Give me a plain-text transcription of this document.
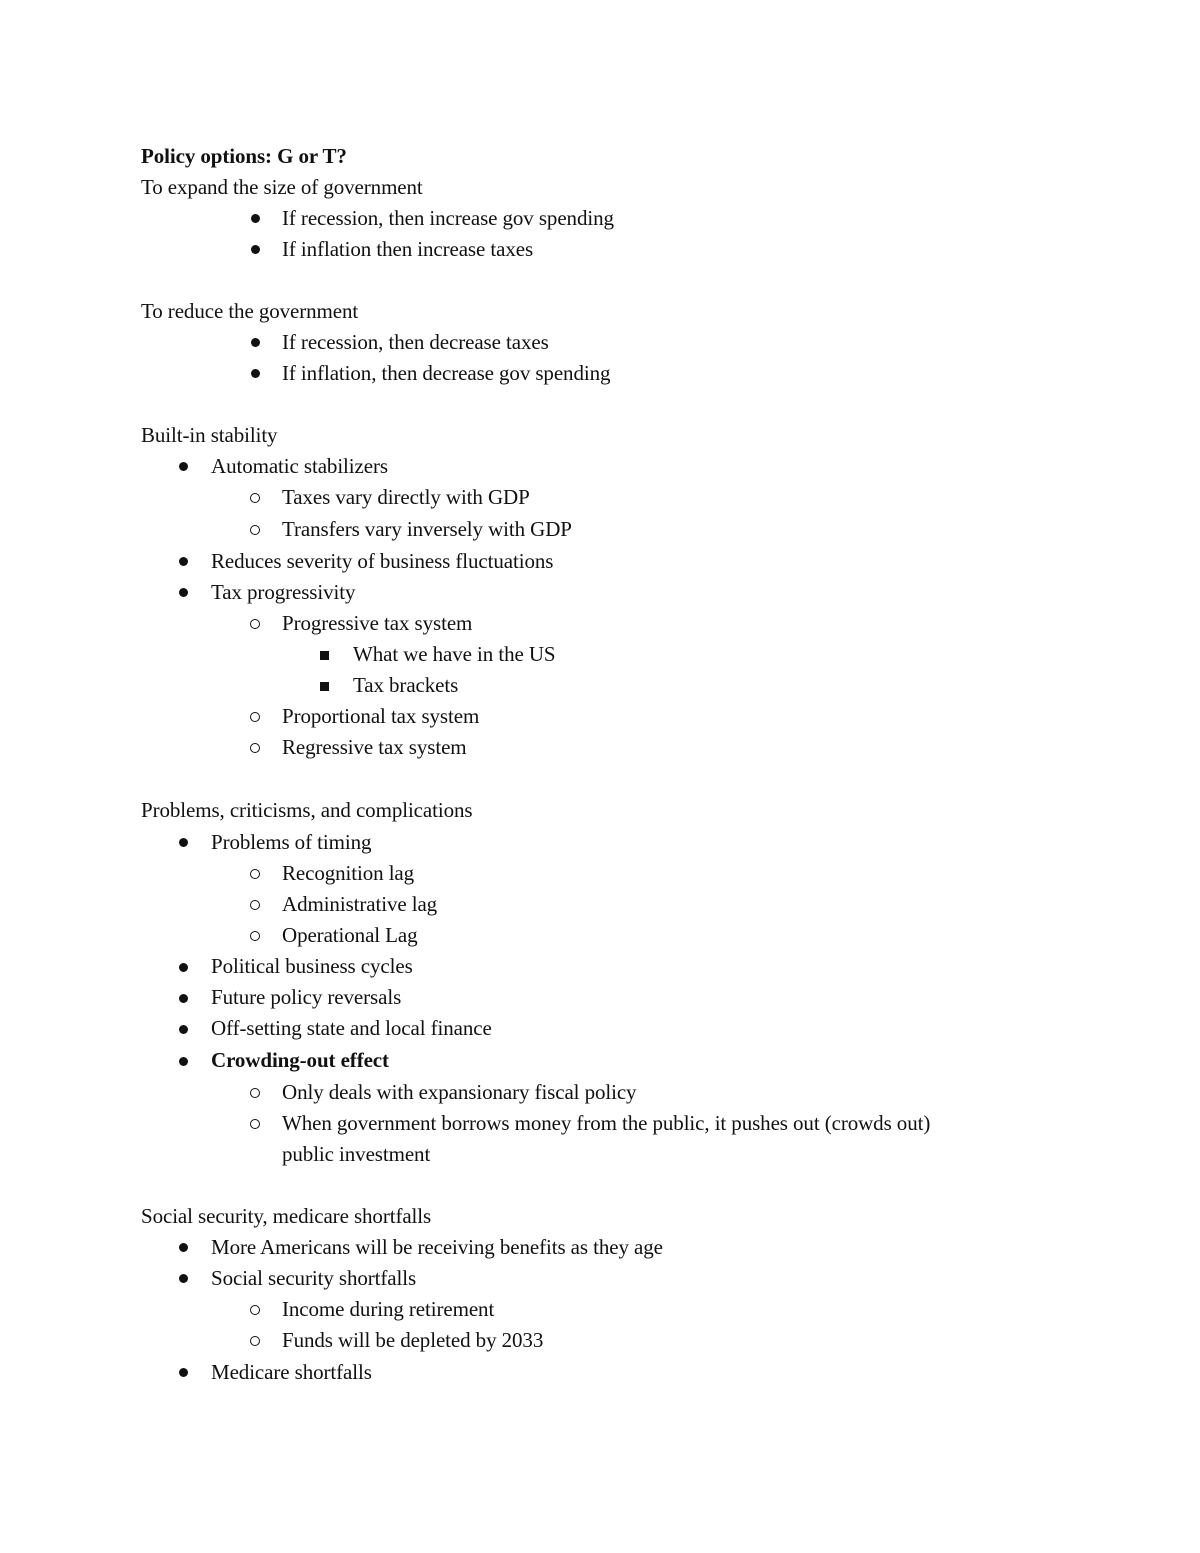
Policy options: G or T?
To expand the size of government
If recession, then increase gov spending
If inflation then increase taxes
To reduce the government
If recession, then decrease taxes
If inflation, then decrease gov spending
Built-in stability
Automatic stabilizers
Taxes vary directly with GDP
Transfers vary inversely with GDP
Reduces severity of business fluctuations
Tax progressivity
Progressive tax system
What we have in the US
Tax brackets
Proportional tax system
Regressive tax system
Problems, criticisms, and complications
Problems of timing
Recognition lag
Administrative lag
Operational Lag
Political business cycles
Future policy reversals
Off-setting state and local finance
Crowding-out effect
Only deals with expansionary fiscal policy
When government borrows money from the public, it pushes out (crowds out)
public investment
Social security, medicare shortfalls
More Americans will be receiving benefits as they age
Social security shortfalls
Income during retirement
Funds will be depleted by 2033
Medicare shortfalls
